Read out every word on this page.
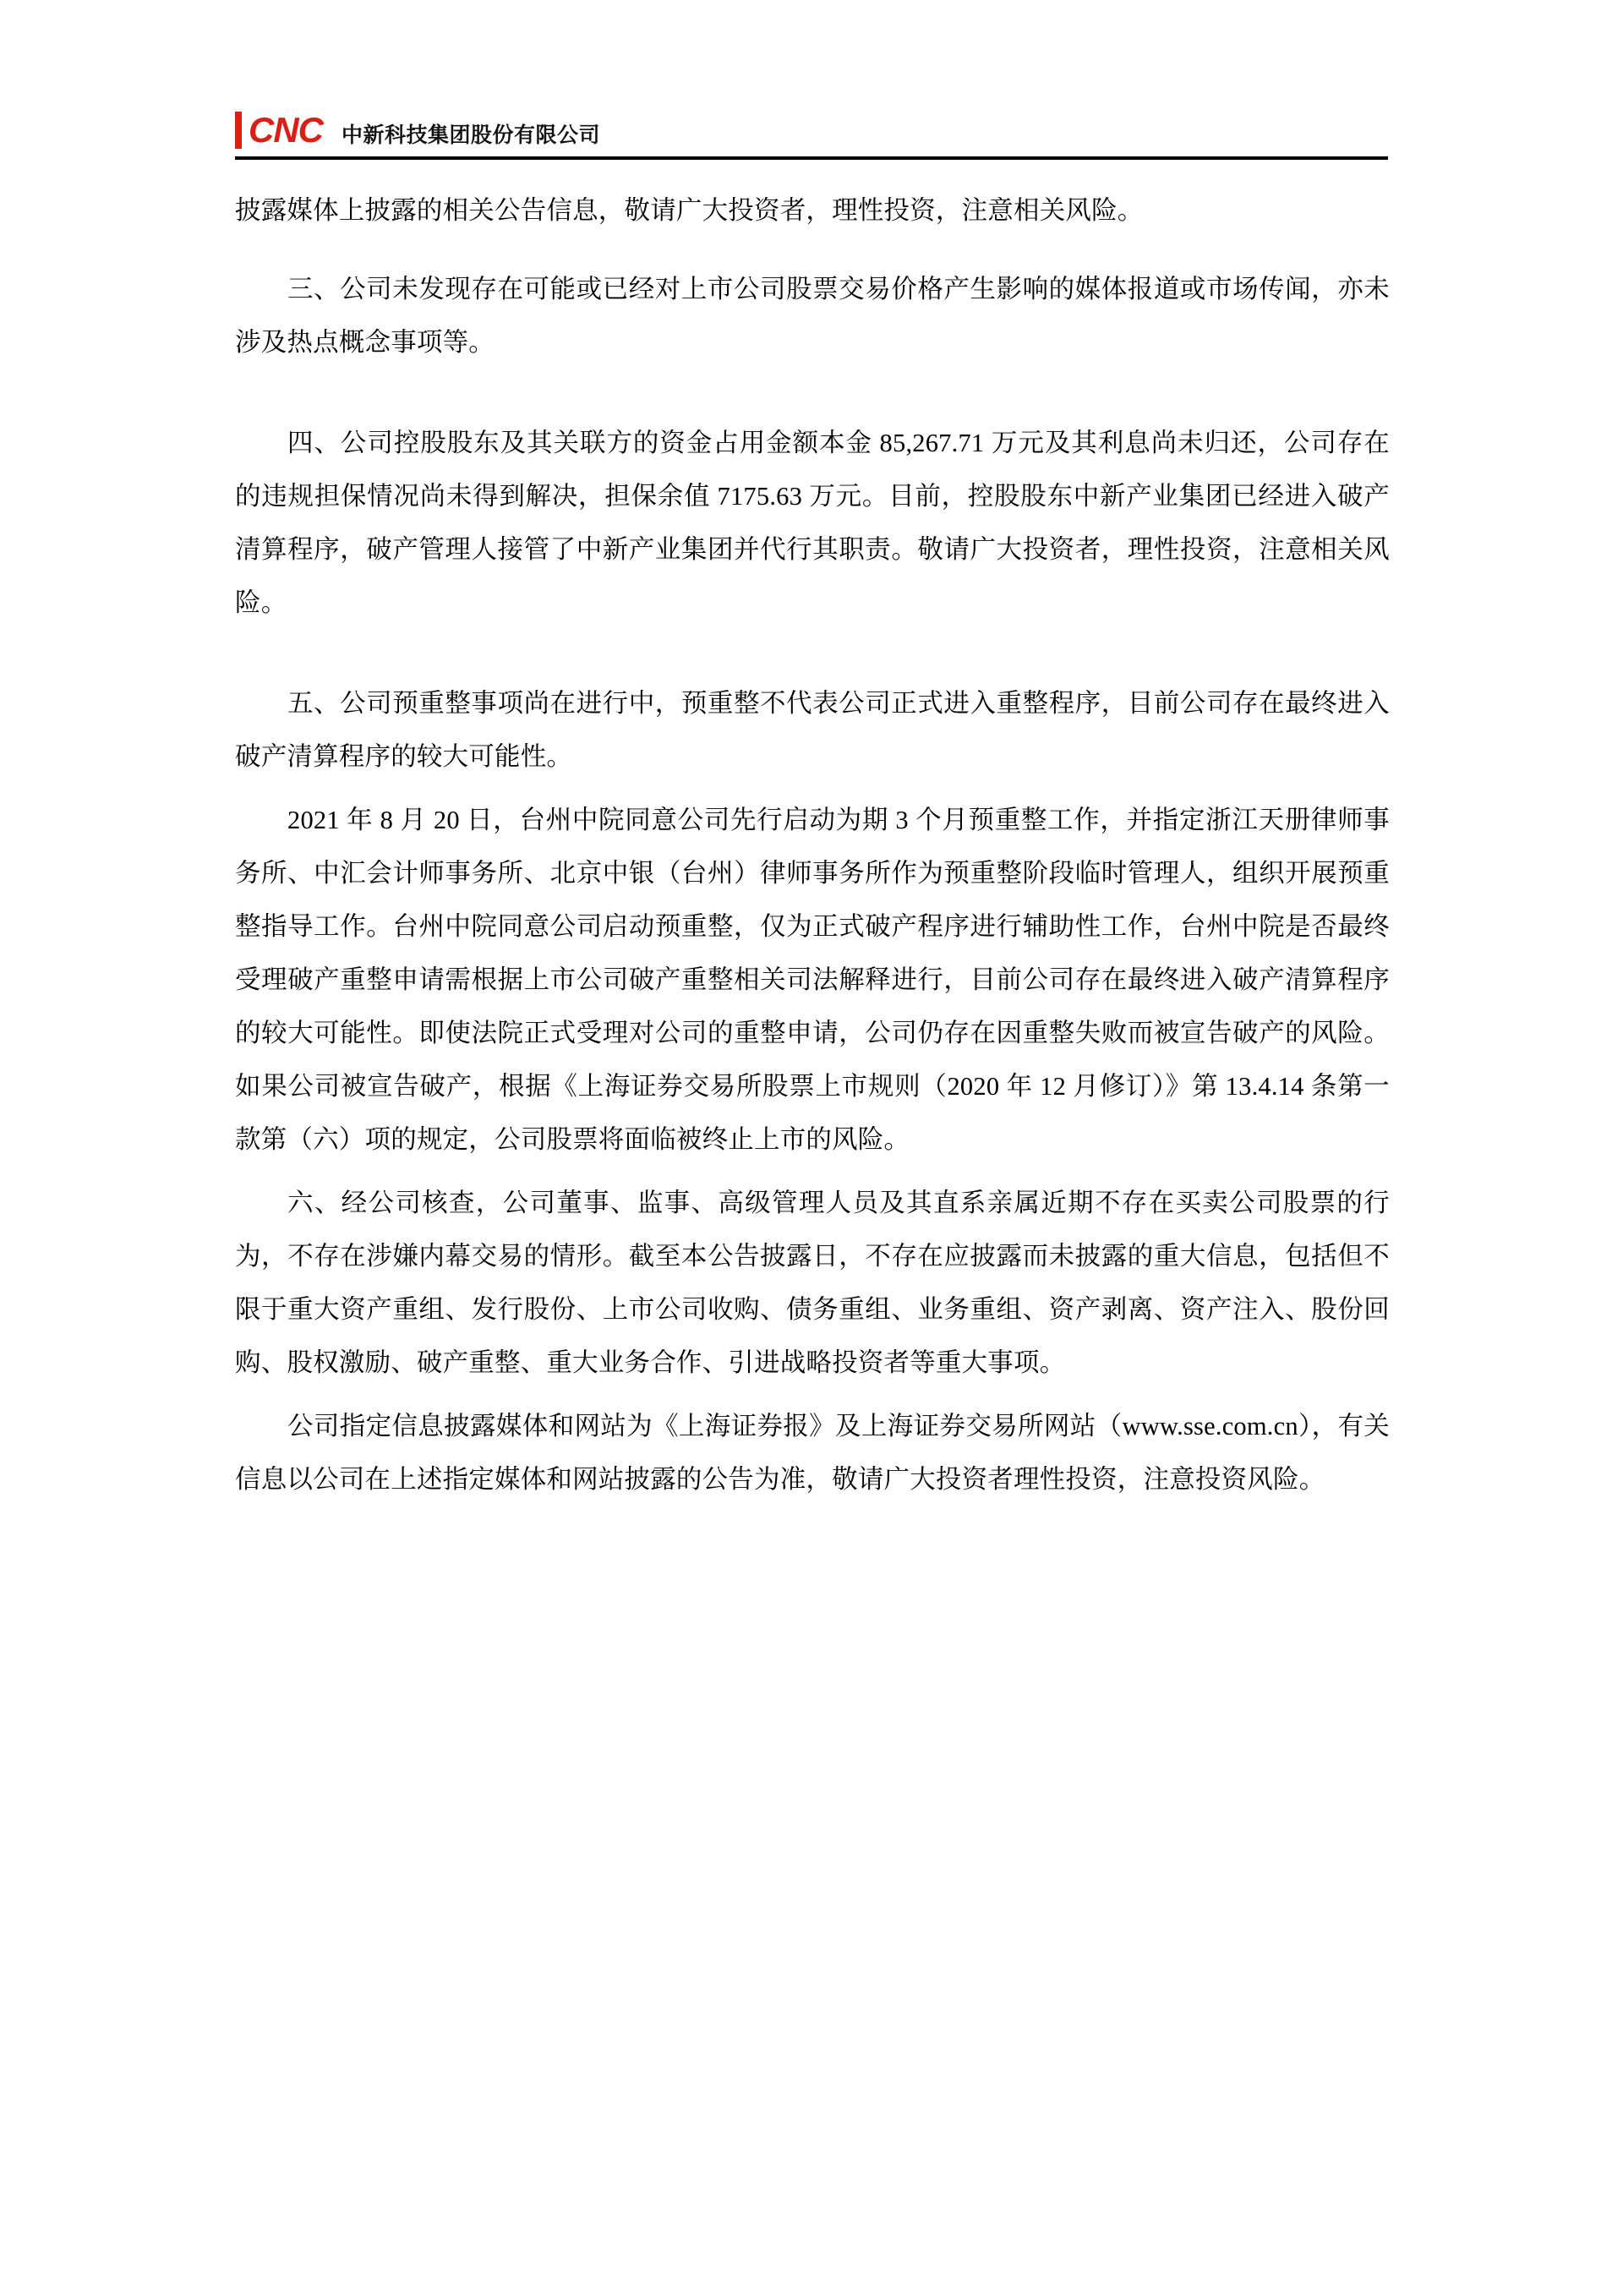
CNC 中新科技集团股份有限公司

披露媒体上披露的相关公告信息，敬请广大投资者，理性投资，注意相关风险。

三、公司未发现存在可能或已经对上市公司股票交易价格产生影响的媒体报道或市场传闻，亦未涉及热点概念事项等。

四、公司控股股东及其关联方的资金占用金额本金 85,267.71 万元及其利息尚未归还，公司存在的违规担保情况尚未得到解决，担保余值 7175.63 万元。目前，控股股东中新产业集团已经进入破产清算程序，破产管理人接管了中新产业集团并代行其职责。敬请广大投资者，理性投资，注意相关风险。

五、公司预重整事项尚在进行中，预重整不代表公司正式进入重整程序，目前公司存在最终进入破产清算程序的较大可能性。

2021 年 8 月 20 日，台州中院同意公司先行启动为期 3 个月预重整工作，并指定浙江天册律师事务所、中汇会计师事务所、北京中银（台州）律师事务所作为预重整阶段临时管理人，组织开展预重整指导工作。台州中院同意公司启动预重整，仅为正式破产程序进行辅助性工作，台州中院是否最终受理破产重整申请需根据上市公司破产重整相关司法解释进行，目前公司存在最终进入破产清算程序的较大可能性。即使法院正式受理对公司的重整申请，公司仍存在因重整失败而被宣告破产的风险。如果公司被宣告破产，根据《上海证券交易所股票上市规则（2020 年 12 月修订）》第 13.4.14 条第一款第（六）项的规定，公司股票将面临被终止上市的风险。

六、经公司核查，公司董事、监事、高级管理人员及其直系亲属近期不存在买卖公司股票的行为，不存在涉嫌内幕交易的情形。截至本公告披露日，不存在应披露而未披露的重大信息，包括但不限于重大资产重组、发行股份、上市公司收购、债务重组、业务重组、资产剥离、资产注入、股份回购、股权激励、破产重整、重大业务合作、引进战略投资者等重大事项。

公司指定信息披露媒体和网站为《上海证券报》及上海证券交易所网站（www.sse.com.cn），有关信息以公司在上述指定媒体和网站披露的公告为准，敬请广大投资者理性投资，注意投资风险。
